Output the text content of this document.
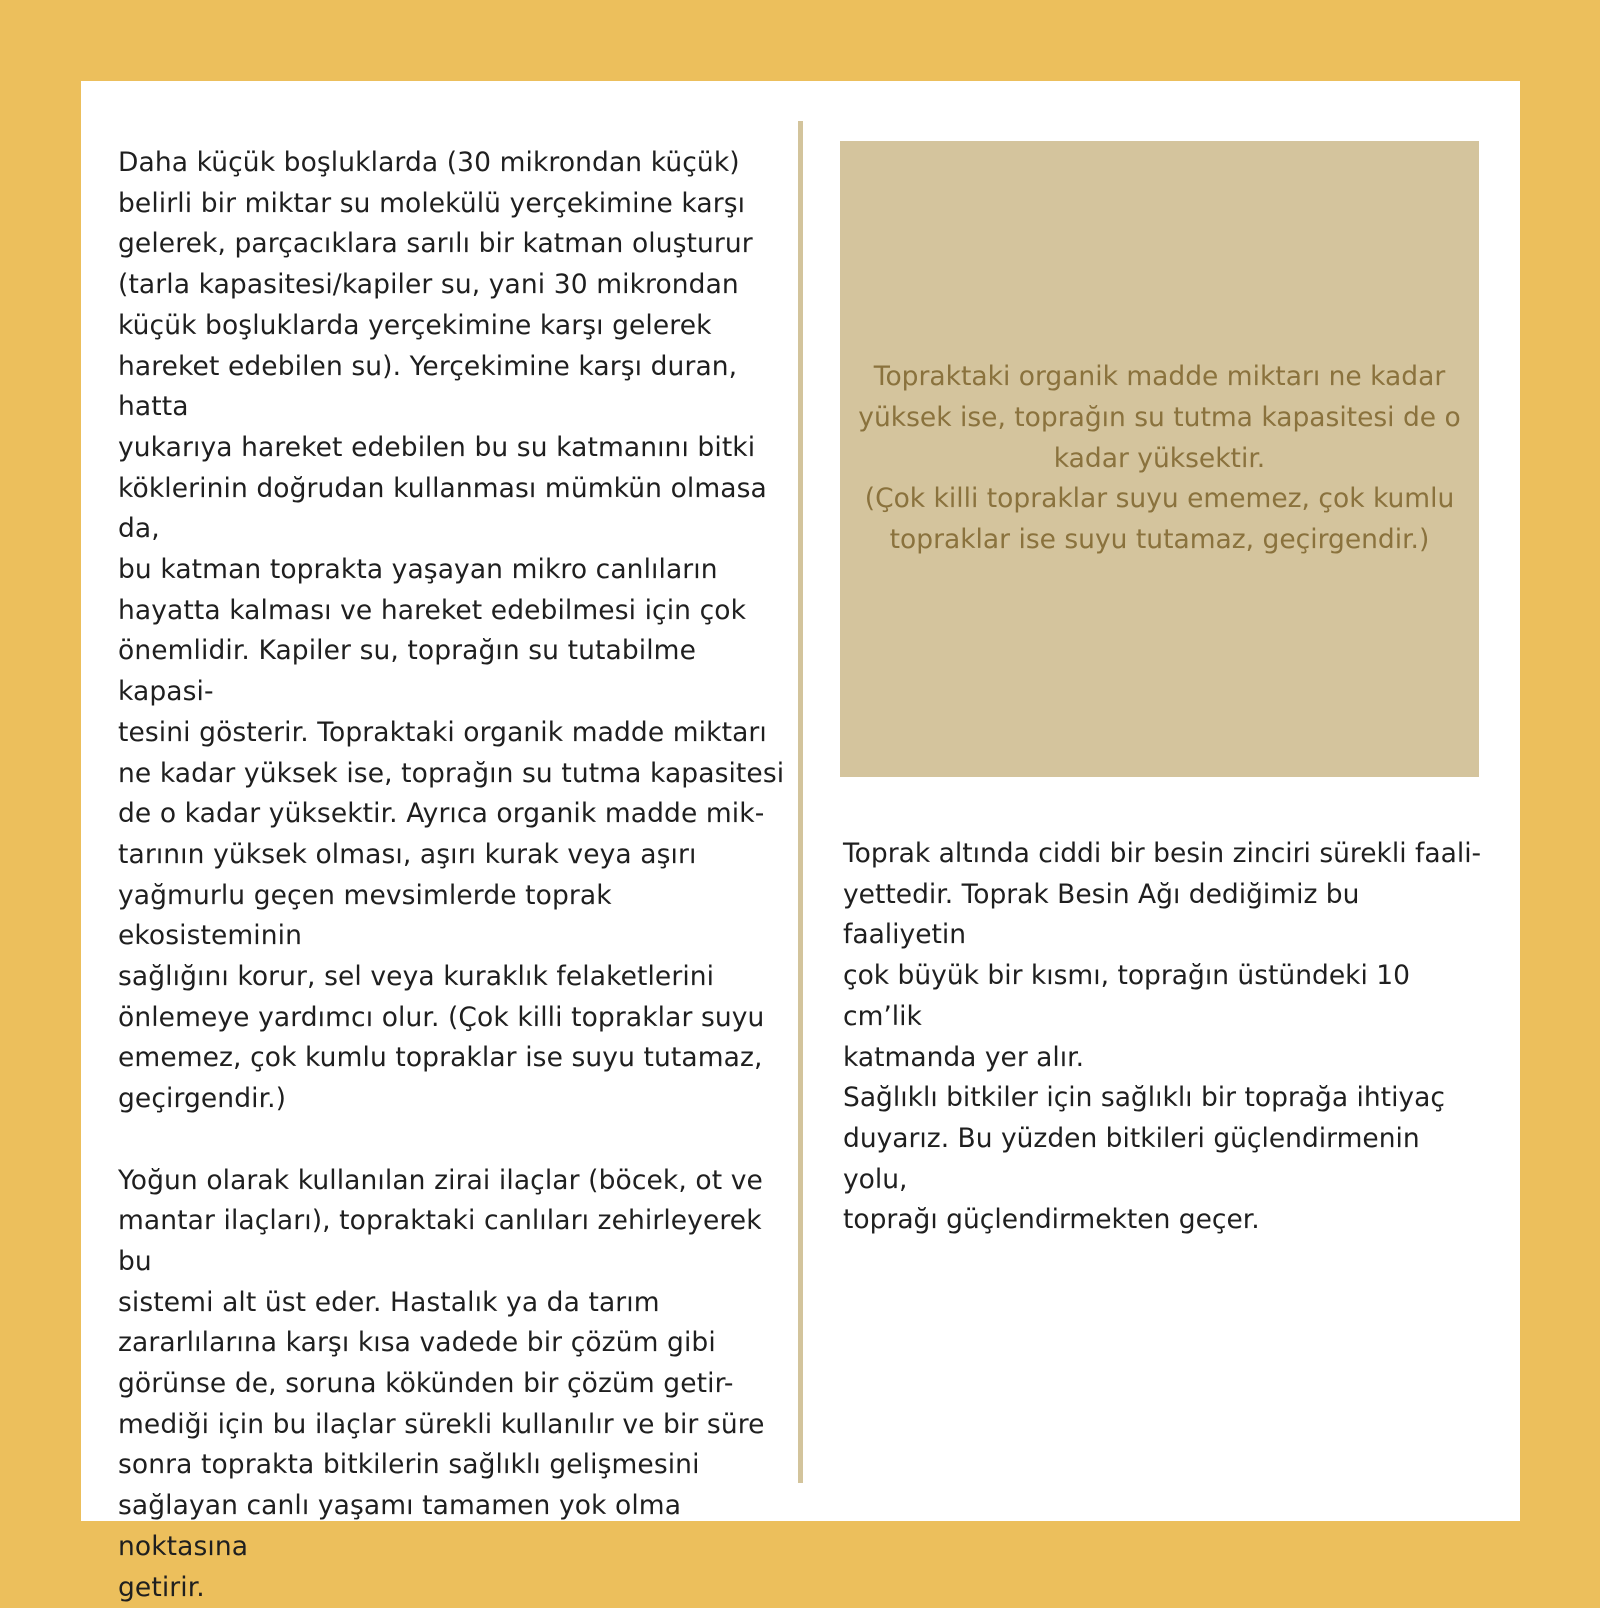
Daha küçük boşluklarda (30 mikrondan küçük)
belirli bir miktar su molekülü yerçekimine karşı
gelerek, parçacıklara sarılı bir katman oluşturur
(tarla kapasitesi/kapiler su, yani 30 mikrondan
küçük boşluklarda yerçekimine karşı gelerek
hareket edebilen su). Yerçekimine karşı duran, hatta
yukarıya hareket edebilen bu su katmanını bitki
köklerinin doğrudan kullanması mümkün olmasa da,
bu katman toprakta yaşayan mikro canlıların
hayatta kalması ve hareket edebilmesi için çok
önemlidir. Kapiler su, toprağın su tutabilme kapasi-
tesini gösterir. Topraktaki organik madde miktarı
ne kadar yüksek ise, toprağın su tutma kapasitesi
de o kadar yüksektir. Ayrıca organik madde mik-
tarının yüksek olması, aşırı kurak veya aşırı
yağmurlu geçen mevsimlerde toprak ekosisteminin
sağlığını korur, sel veya kuraklık felaketlerini
önlemeye yardımcı olur. (Çok killi topraklar suyu
ememez, çok kumlu topraklar ise suyu tutamaz,
geçirgendir.)

Yoğun olarak kullanılan zirai ilaçlar (böcek, ot ve
mantar ilaçları), topraktaki canlıları zehirleyerek bu
sistemi alt üst eder. Hastalık ya da tarım
zararlılarına karşı kısa vadede bir çözüm gibi
görünse de, soruna kökünden bir çözüm getir-
mediği için bu ilaçlar sürekli kullanılır ve bir süre
sonra toprakta bitkilerin sağlıklı gelişmesini
sağlayan canlı yaşamı tamamen yok olma noktasına
getirir.

Topraktaki organik madde miktarı ne kadar
yüksek ise, toprağın su tutma kapasitesi de o
kadar yüksektir.
(Çok killi topraklar suyu ememez, çok kumlu
topraklar ise suyu tutamaz, geçirgendir.)

Toprak altında ciddi bir besin zinciri sürekli faali-
yettedir. Toprak Besin Ağı dediğimiz bu faaliyetin
çok büyük bir kısmı, toprağın üstündeki 10 cm’lik
katmanda yer alır.
Sağlıklı bitkiler için sağlıklı bir toprağa ihtiyaç
duyarız. Bu yüzden bitkileri güçlendirmenin yolu,
toprağı güçlendirmekten geçer.
